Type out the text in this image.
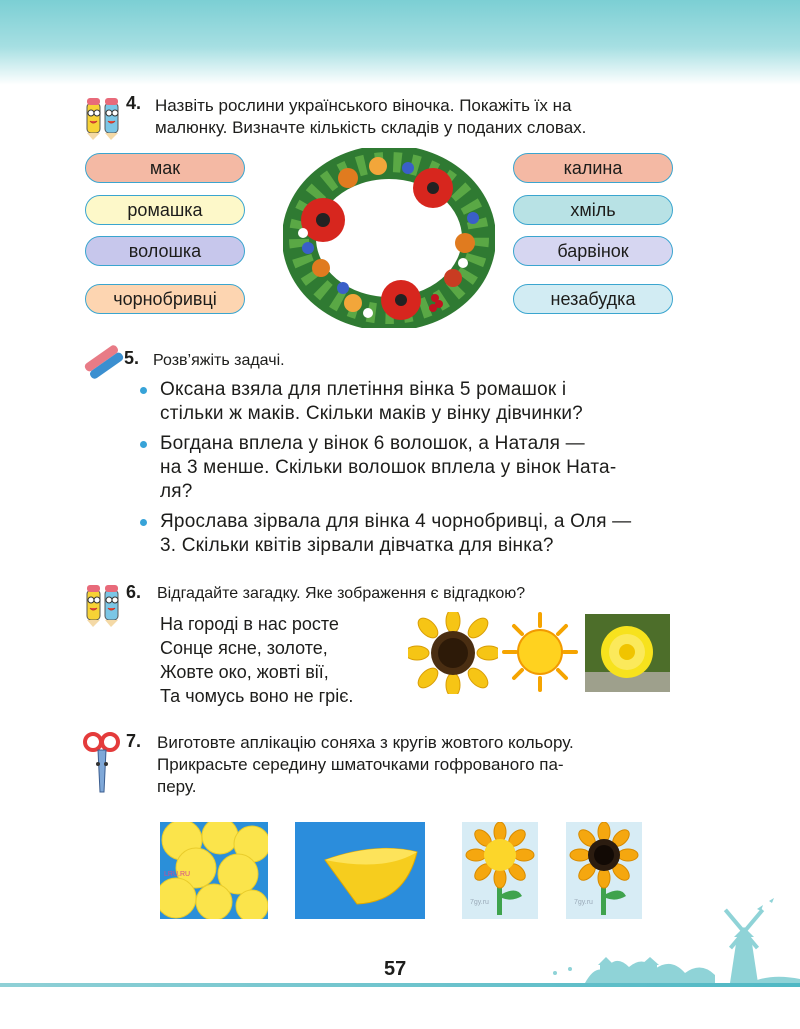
4. Назвіть рослини українського віночка. Покажіть їх на
малюнку. Визначте кількість складів у поданих словах.
мак
ромашка
волошка
чорнобривці
калина
хміль
барвінок
незабудка
5. Розв’яжіть задачі.
Оксана взяла для плетіння вінка 5 ромашок і
стільки ж маків. Скільки маків у вінку дівчинки?
Богдана вплела у вінок 6 волошок, а Наталя —
на 3 менше. Скільки волошок вплела у вінок Ната-
ля?
Ярослава зірвала для вінка 4 чорнобривці, а Оля —
3. Скільки квітів зірвали дівчатка для вінка?
6. Відгадайте загадку. Яке зображення є відгадкою?
На городі в нас росте
Сонце ясне, золоте,
Жовте око, жовті вії,
Та чомусь воно не гріє.
7. Виготовте аплікацію соняха з кругів жовтого кольору.
Прикрасьте середину шматочками гофрованого па-
перу.
LRU.RU
7gy.ru	7gy.ru
57
